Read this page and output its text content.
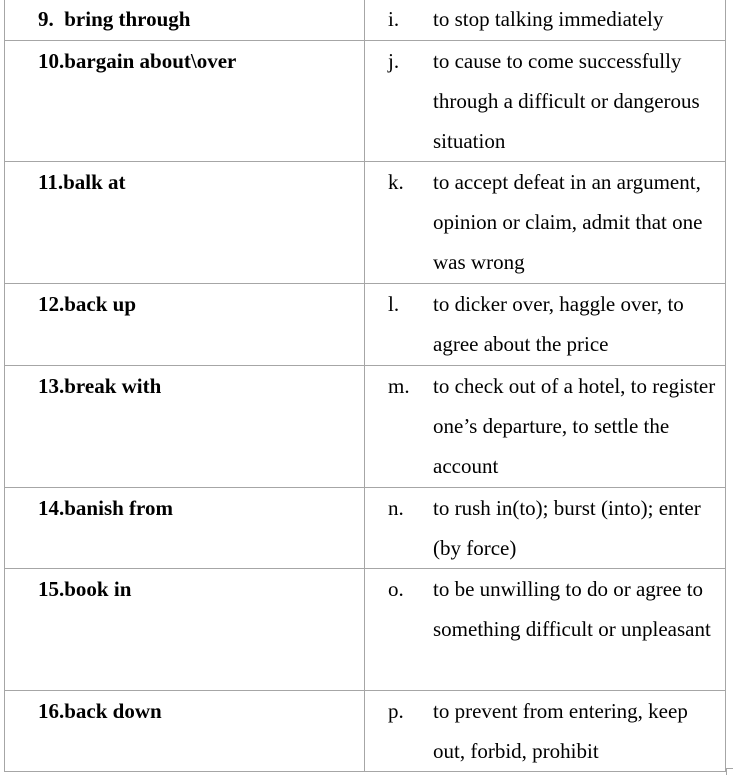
9. bring through	i. to stop talking immediately

10.bargain about\over	j. to cause to come successfully through a difficult or dangerous situation

11.balk at	k. to accept defeat in an argument, opinion or claim, admit that one was wrong

12.back up	l. to dicker over, haggle over, to agree about the price

13.break with	m. to check out of a hotel, to register one’s departure, to settle the account

14.banish from	n. to rush in(to); burst (into); enter (by force)

15.book in	o. to be unwilling to do or agree to something difficult or unpleasant

16.back down	p. to prevent from entering, keep out, forbid, prohibit
